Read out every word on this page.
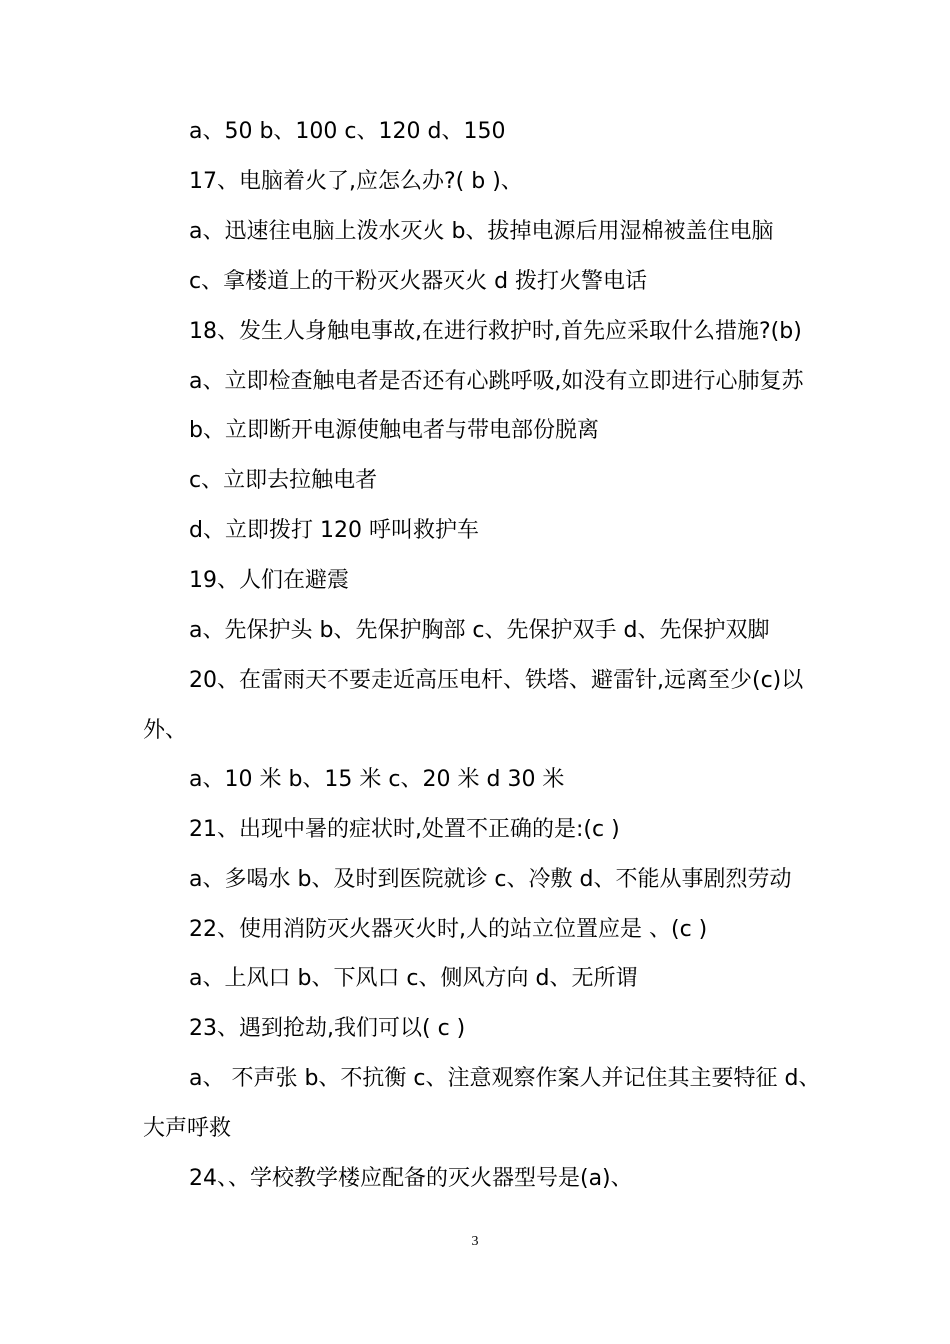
a、50 b、100 c、120 d、150
17、电脑着火了,应怎么办?( b )、
a、迅速往电脑上泼水灭火 b、拔掉电源后用湿棉被盖住电脑
c、拿楼道上的干粉灭火器灭火 d 拨打火警电话
18、发生人身触电事故,在进行救护时,首先应采取什么措施?(b)
a、立即检查触电者是否还有心跳呼吸,如没有立即进行心肺复苏
b、立即断开电源使触电者与带电部份脱离
c、立即去拉触电者
d、立即拨打 120 呼叫救护车
19、人们在避震
a、先保护头 b、先保护胸部 c、先保护双手 d、先保护双脚
20、在雷雨天不要走近高压电杆、铁塔、避雷针,远离至少(c)以
外、
a、10 米 b、15 米 c、20 米 d 30 米
21、出现中暑的症状时,处置不正确的是:(c )
a、多喝水 b、及时到医院就诊 c、冷敷 d、不能从事剧烈劳动
22、使用消防灭火器灭火时,人的站立位置应是 、(c )
a、上风口 b、下风口 c、侧风方向 d、无所谓
23、遇到抢劫,我们可以( c )
a、 不声张 b、不抗衡 c、注意观察作案人并记住其主要特征 d、
大声呼救
24、、学校教学楼应配备的灭火器型号是(a)、
3
